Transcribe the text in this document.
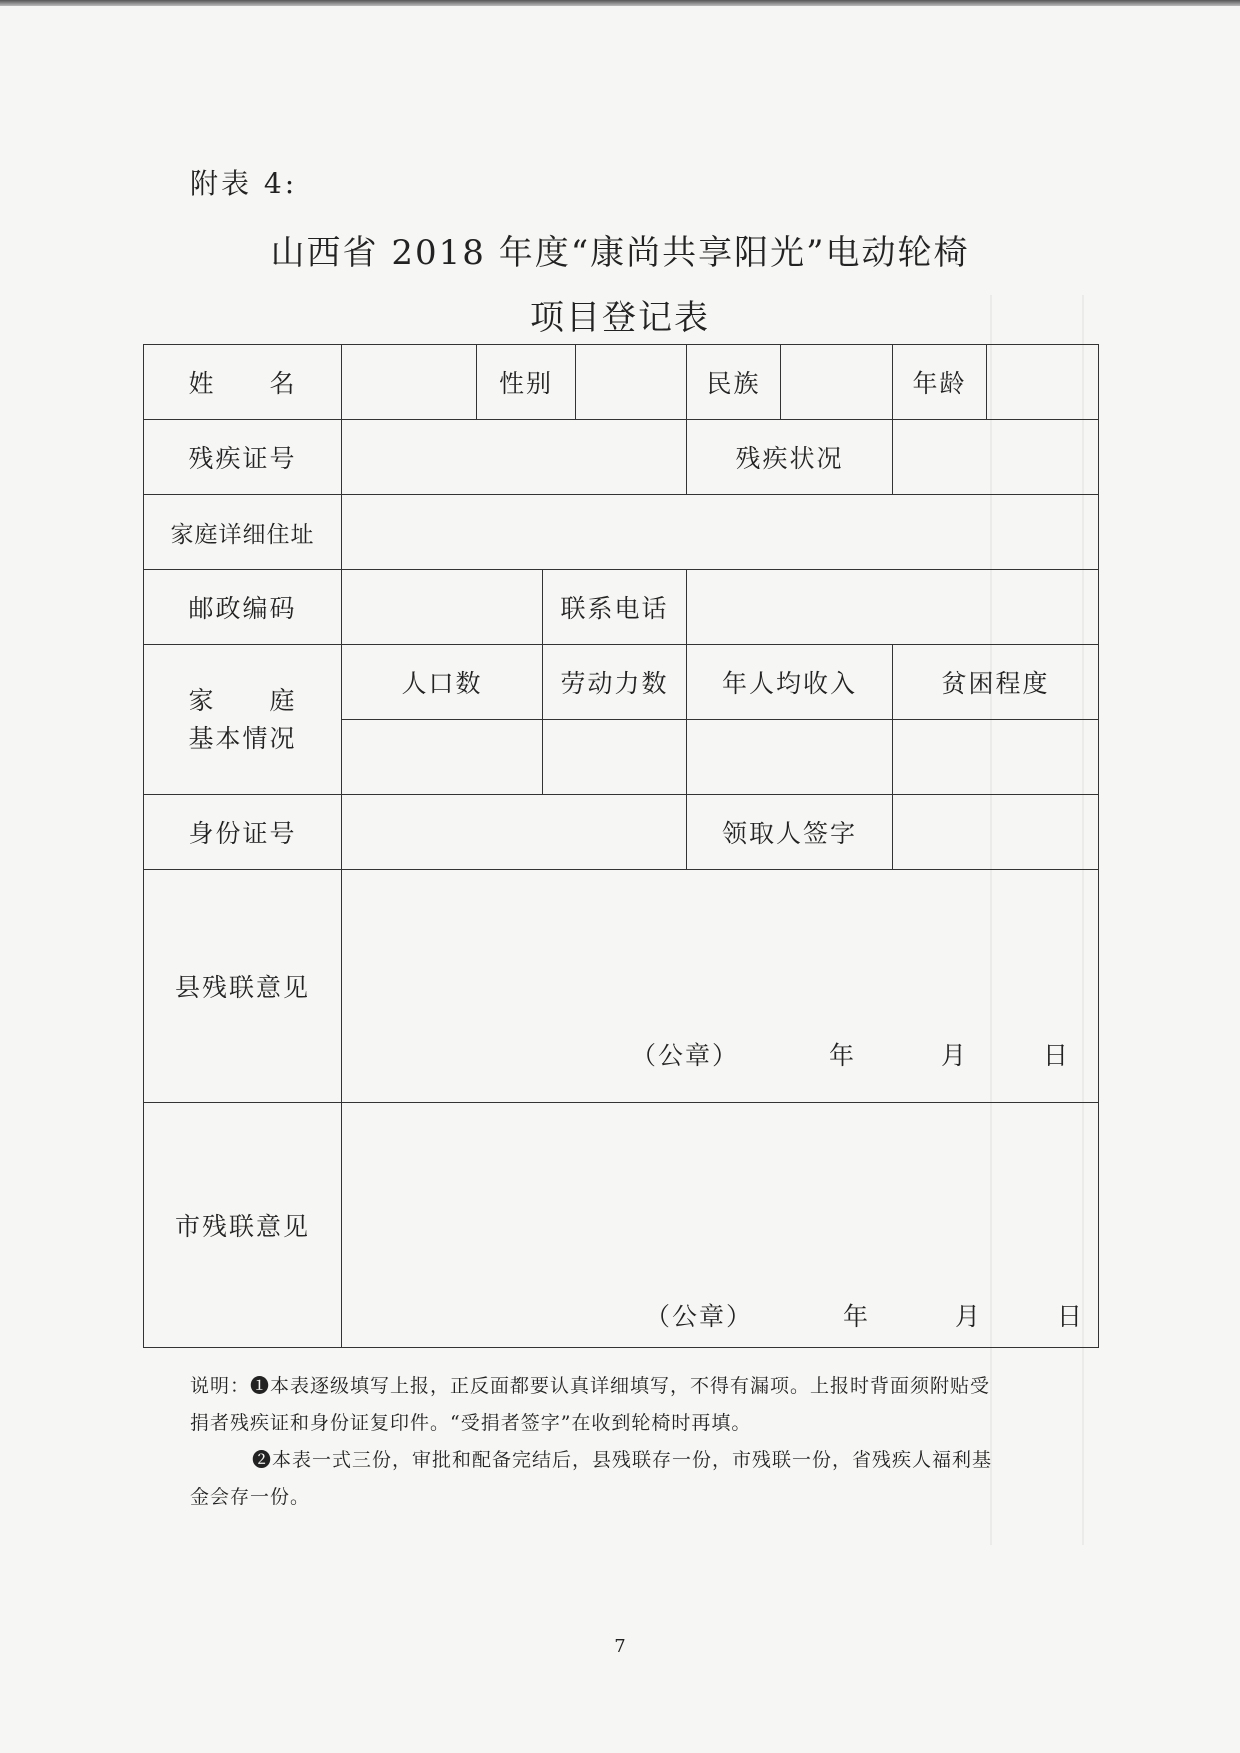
附表 4:
山西省 2018 年度“康尚共享阳光”电动轮椅
项目登记表
姓　　名		性别			民族		年龄	
残疾证号					残疾状况			
家庭详细住址								
邮政编码			联系电话					

家　　庭
基本情况	人口数		劳动力数		年人均收入		贫困程度	

身份证号					领取人签字			
县残联意见	（公章） 年 月 日							

市残联意见	（公章） 年 月 日							

说明：❶本表逐级填写上报，正反面都要认真详细填写，不得有漏项。上报时背面须附贴受

捐者残疾证和身份证复印件。“受捐者签字”在收到轮椅时再填。

❷本表一式三份，审批和配备完结后，县残联存一份，市残联一份，省残疾人福利基

金会存一份。

7
